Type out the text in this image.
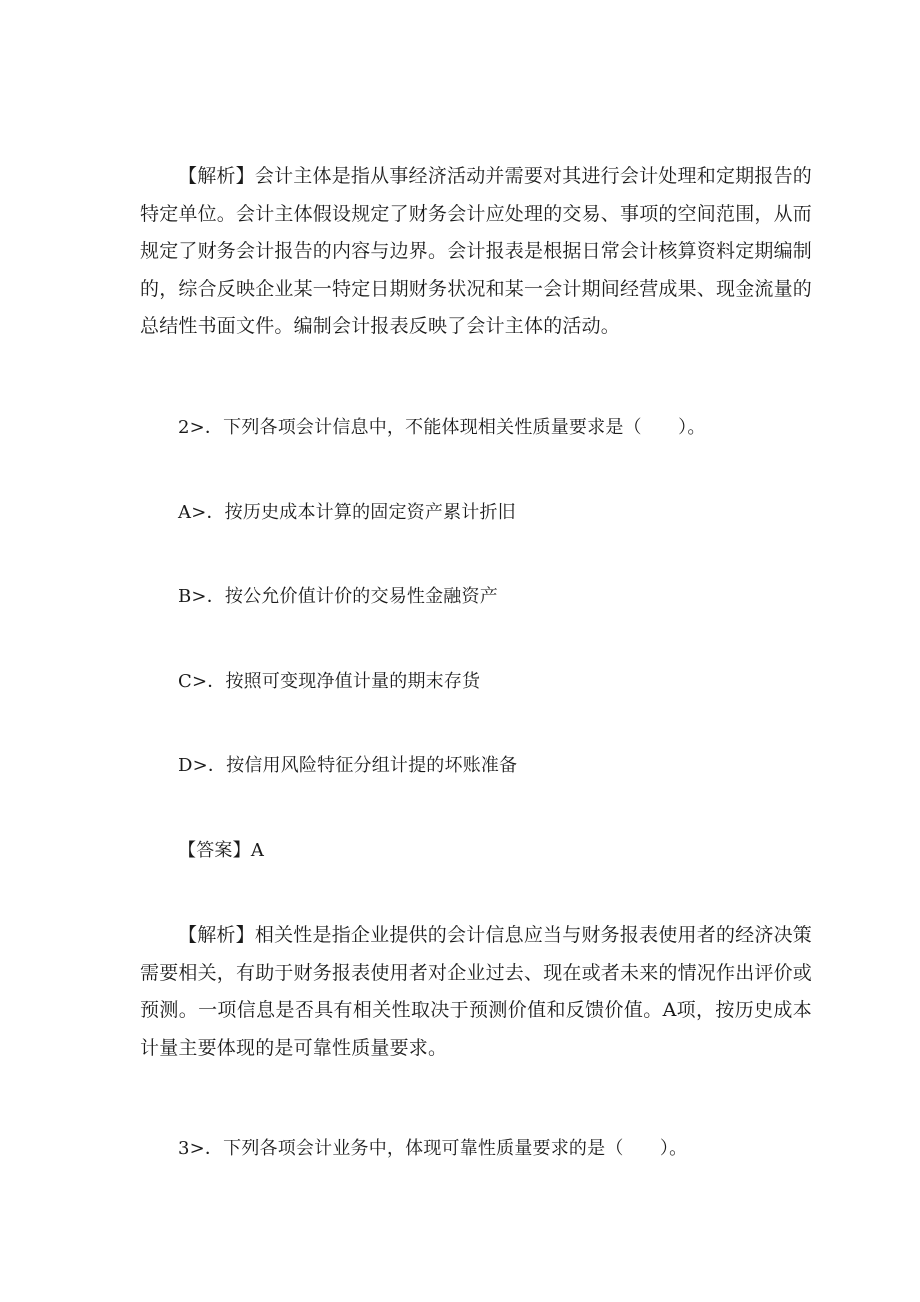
【解析】会计主体是指从事经济活动并需要对其进行会计处理和定期报告的特定单位。会计主体假设规定了财务会计应处理的交易、事项的空间范围，从而规定了财务会计报告的内容与边界。会计报表是根据日常会计核算资料定期编制的，综合反映企业某一特定日期财务状况和某一会计期间经营成果、现金流量的总结性书面文件。编制会计报表反映了会计主体的活动。

2>．下列各项会计信息中，不能体现相关性质量要求是（　　）。

A>．按历史成本计算的固定资产累计折旧

B>．按公允价值计价的交易性金融资产

C>．按照可变现净值计量的期末存货

D>．按信用风险特征分组计提的坏账准备

【答案】A

【解析】相关性是指企业提供的会计信息应当与财务报表使用者的经济决策需要相关，有助于财务报表使用者对企业过去、现在或者未来的情况作出评价或预测。一项信息是否具有相关性取决于预测价值和反馈价值。A项，按历史成本计量主要体现的是可靠性质量要求。

3>．下列各项会计业务中，体现可靠性质量要求的是（　　）。
